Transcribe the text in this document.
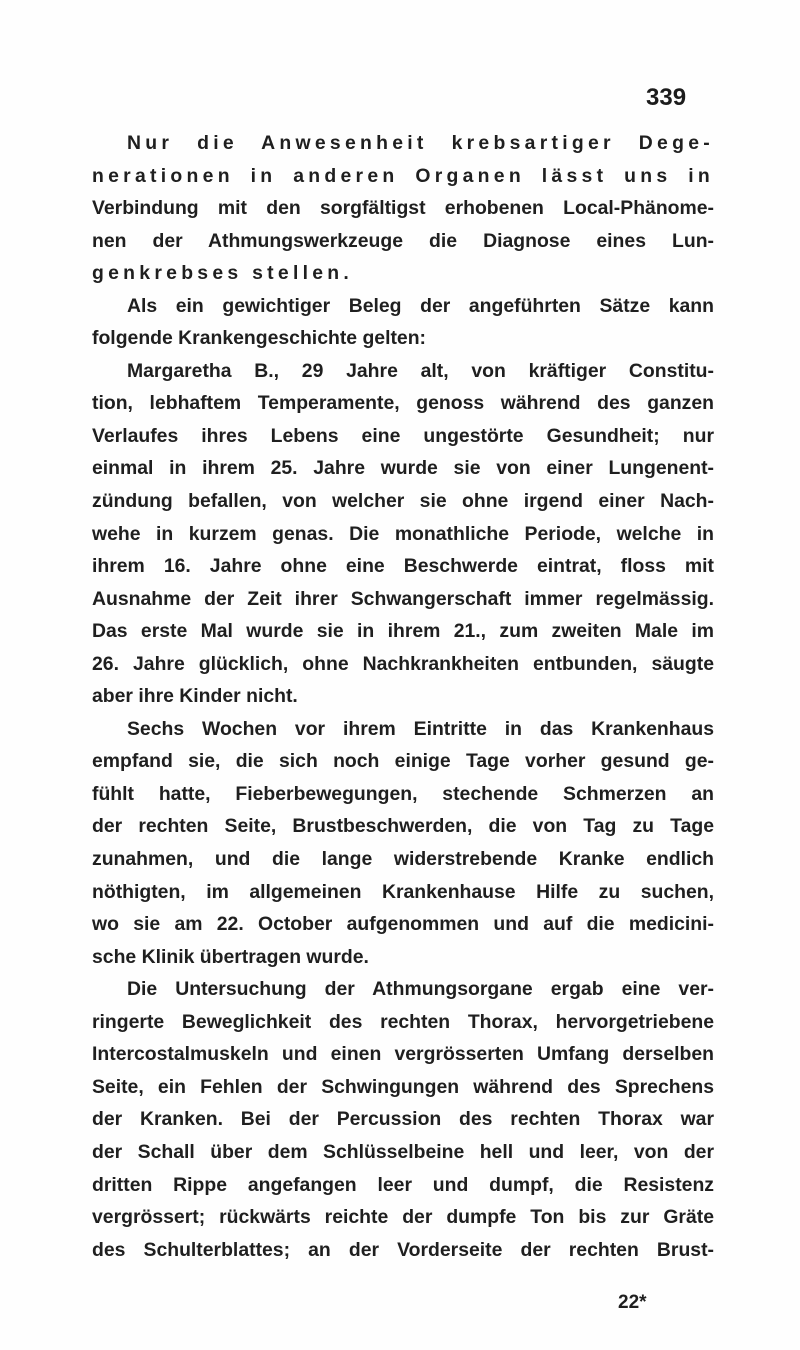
339
Nur die Anwesenheit krebsartiger Dege-
nerationen in anderen Organen lässt uns in
Verbindung mit den sorgfältigst erhobenen Local-Phänome-
nen der Athmungswerkzeuge die Diagnose eines Lun-
genkrebses stellen.
Als ein gewichtiger Beleg der angeführten Sätze kann
folgende Krankengeschichte gelten:
Margaretha B., 29 Jahre alt, von kräftiger Constitu-
tion, lebhaftem Temperamente, genoss während des ganzen
Verlaufes ihres Lebens eine ungestörte Gesundheit; nur
einmal in ihrem 25. Jahre wurde sie von einer Lungenent-
zündung befallen, von welcher sie ohne irgend einer Nach-
wehe in kurzem genas. Die monathliche Periode, welche in
ihrem 16. Jahre ohne eine Beschwerde eintrat, floss mit
Ausnahme der Zeit ihrer Schwangerschaft immer regelmässig.
Das erste Mal wurde sie in ihrem 21., zum zweiten Male im
26. Jahre glücklich, ohne Nachkrankheiten entbunden, säugte
aber ihre Kinder nicht.
Sechs Wochen vor ihrem Eintritte in das Krankenhaus
empfand sie, die sich noch einige Tage vorher gesund ge-
fühlt hatte, Fieberbewegungen, stechende Schmerzen an
der rechten Seite, Brustbeschwerden, die von Tag zu Tage
zunahmen, und die lange widerstrebende Kranke endlich
nöthigten, im allgemeinen Krankenhause Hilfe zu suchen,
wo sie am 22. October aufgenommen und auf die medicini-
sche Klinik übertragen wurde.
Die Untersuchung der Athmungsorgane ergab eine ver-
ringerte Beweglichkeit des rechten Thorax, hervorgetriebene
Intercostalmuskeln und einen vergrösserten Umfang derselben
Seite, ein Fehlen der Schwingungen während des Sprechens
der Kranken. Bei der Percussion des rechten Thorax war
der Schall über dem Schlüsselbeine hell und leer, von der
dritten Rippe angefangen leer und dumpf, die Resistenz
vergrössert; rückwärts reichte der dumpfe Ton bis zur Gräte
des Schulterblattes; an der Vorderseite der rechten Brust-
22*
